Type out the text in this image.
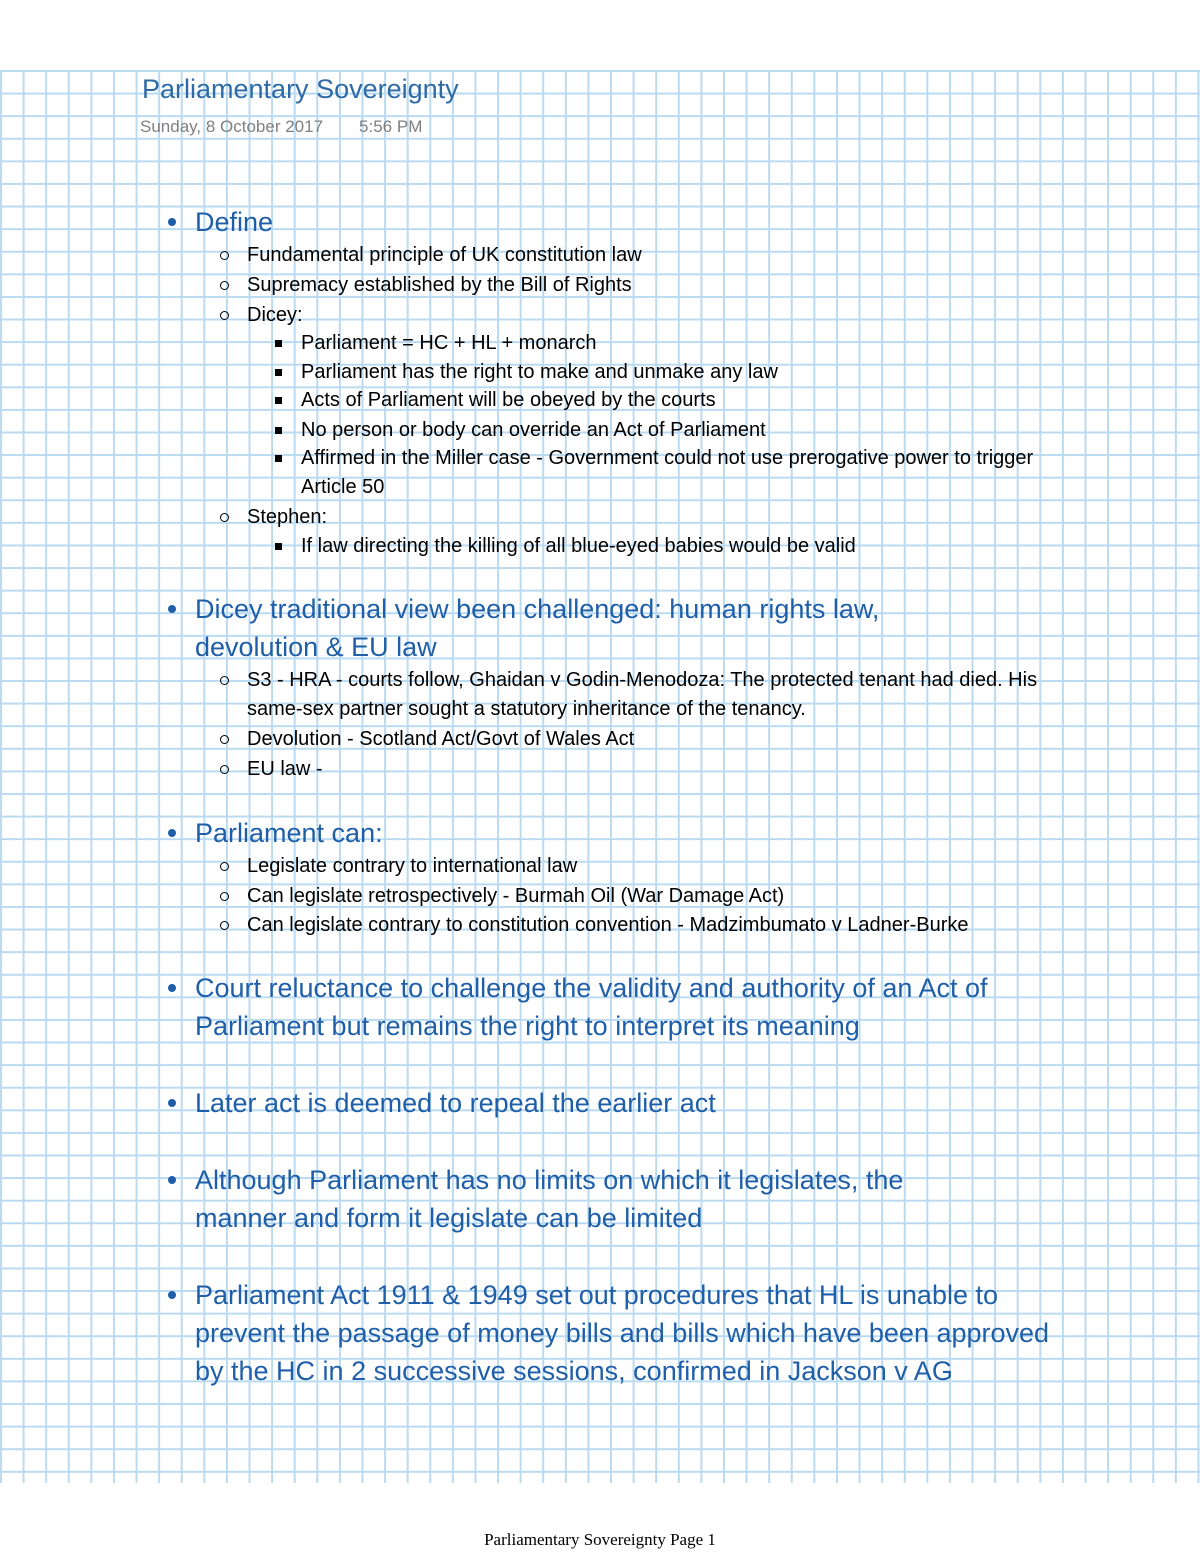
Parliamentary Sovereignty
Sunday, 8 October 2017 5:56 PM
Define
Fundamental principle of UK constitution law
Supremacy established by the Bill of Rights
Dicey:
Parliament = HC + HL + monarch
Parliament has the right to make and unmake any law
Acts of Parliament will be obeyed by the courts
No person or body can override an Act of Parliament
Affirmed in the Miller case - Government could not use prerogative power to trigger Article 50
Stephen:
If law directing the killing of all blue-eyed babies would be valid
Dicey traditional view been challenged: human rights law, devolution & EU law
S3 - HRA - courts follow, Ghaidan v Godin-Menodoza: The protected tenant had died. His same-sex partner sought a statutory inheritance of the tenancy.
Devolution - Scotland Act/Govt of Wales Act
EU law -
Parliament can:
Legislate contrary to international law
Can legislate retrospectively - Burmah Oil (War Damage Act)
Can legislate contrary to constitution convention - Madzimbumato v Ladner-Burke
Court reluctance to challenge the validity and authority of an Act of Parliament but remains the right to interpret its meaning
Later act is deemed to repeal the earlier act
Although Parliament has no limits on which it legislates, the manner and form it legislate can be limited
Parliament Act 1911 & 1949 set out procedures that HL is unable to prevent the passage of money bills and bills which have been approved by the HC in 2 successive sessions, confirmed in Jackson v AG
Parliamentary Sovereignty Page 1
